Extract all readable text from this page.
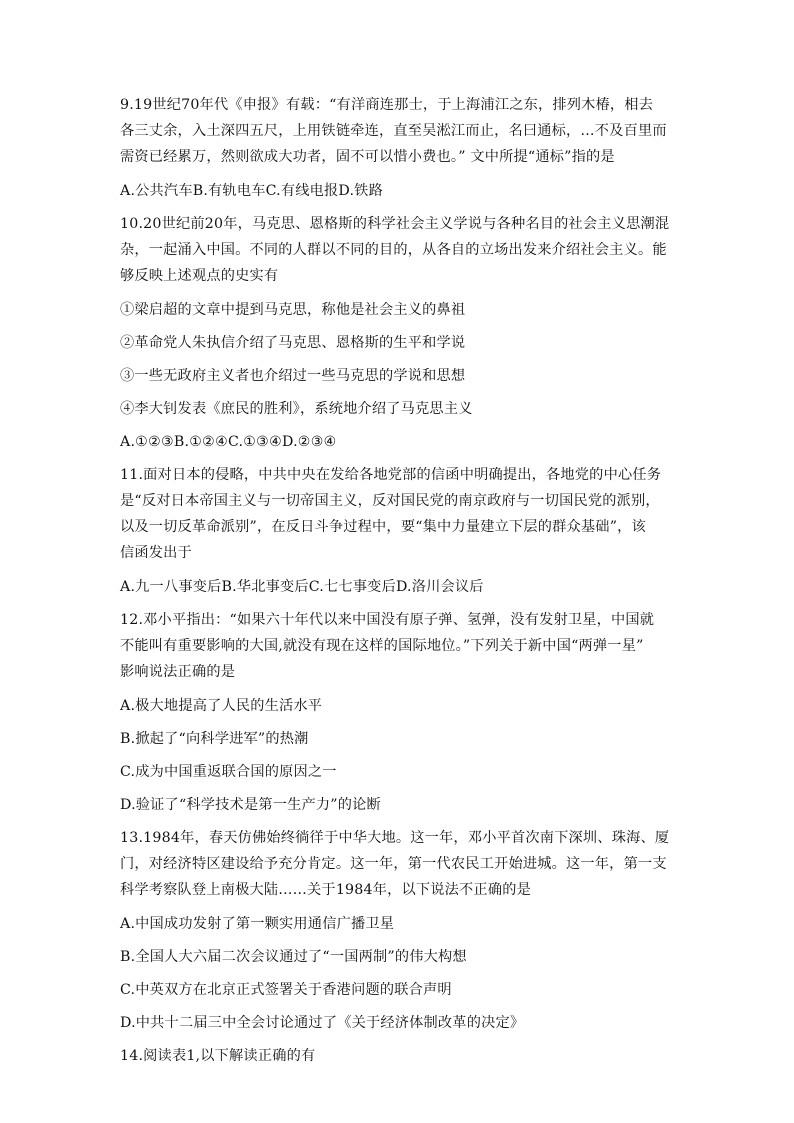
9.19世纪70年代《申报》有载：“有洋商连那士，于上海浦江之东，排列木椿，相去
各三丈余，入土深四五尺，上用铁链牵连，直至吴淞江而止，名曰通标，…不及百里而
需资已经累万，然则欲成大功者，固不可以惜小费也。” 文中所提“通标”指的是

A.公共汽车B.有轨电车C.有线电报D.铁路

10.20世纪前20年，马克思、恩格斯的科学社会主义学说与各种名目的社会主义思潮混
杂，一起涌入中国。不同的人群以不同的目的，从各自的立场出发来介绍社会主义。能
够反映上述观点的史实有

①梁启超的文章中提到马克思，称他是社会主义的鼻祖

②革命党人朱执信介绍了马克思、恩格斯的生平和学说

③一些无政府主义者也介绍过一些马克思的学说和思想

④李大钊发表《庶民的胜利》，系统地介绍了马克思主义

A.①②③B.①②④C.①③④D.②③④

11.面对日本的侵略，中共中央在发给各地党部的信函中明确提出，各地党的中心任务
是“反对日本帝国主义与一切帝国主义，反对国民党的南京政府与一切国民党的派别，
以及一切反革命派别”，在反日斗争过程中，要“集中力量建立下层的群众基础”，该
信函发出于

A.九一八事变后B.华北事变后C.七七事变后D.洛川会议后

12.邓小平指出：“如果六十年代以来中国没有原子弹、氢弹，没有发射卫星，中国就
不能叫有重要影响的大国,就没有现在这样的国际地位。”下列关于新中国“两弹一星”
影响说法正确的是

A.极大地提高了人民的生活水平

B.掀起了“向科学进军”的热潮

C.成为中国重返联合国的原因之一

D.验证了“科学技术是第一生产力”的论断

13.1984年，春天仿佛始终徜徉于中华大地。这一年，邓小平首次南下深圳、珠海、厦
门，对经济特区建设给予充分肯定。这一年，第一代农民工开始进城。这一年，第一支
科学考察队登上南极大陆……关于1984年，以下说法不正确的是

A.中国成功发射了第一颗实用通信广播卫星

B.全国人大六届二次会议通过了“一国两制”的伟大构想

C.中英双方在北京正式签署关于香港问题的联合声明

D.中共十二届三中全会讨论通过了《关于经济体制改革的决定》

14.阅读表1,以下解读正确的有
